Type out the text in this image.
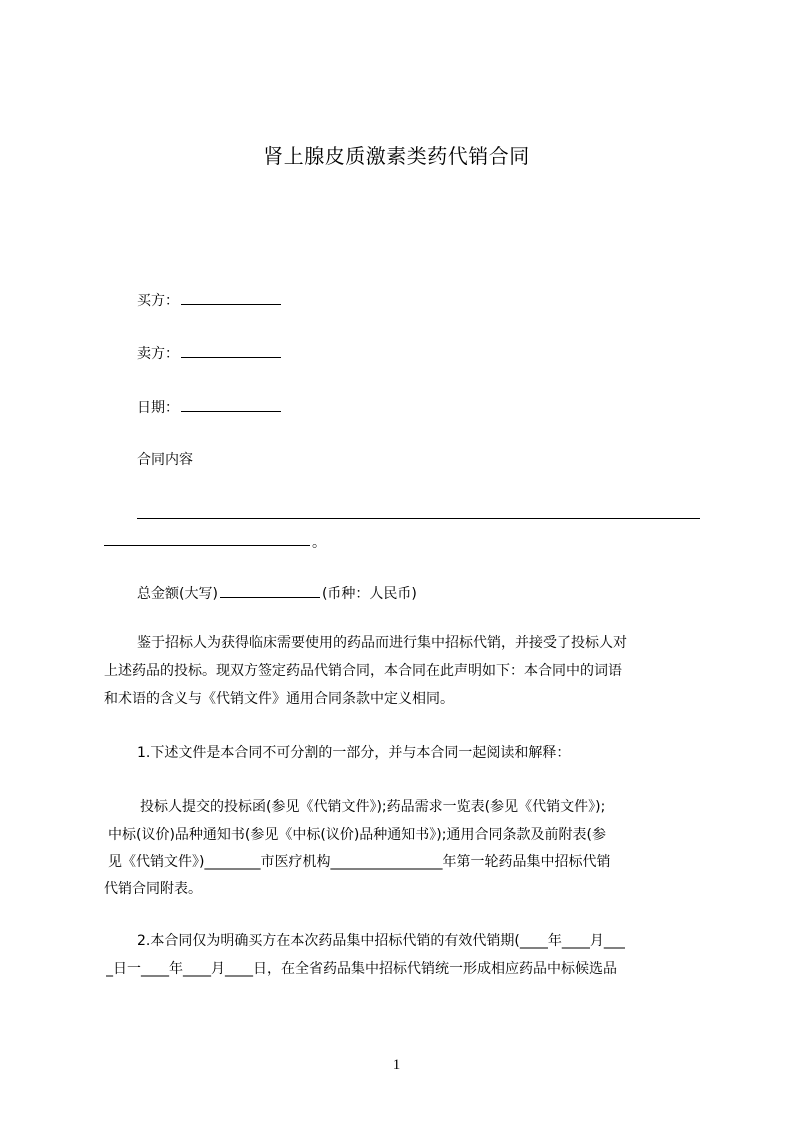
肾上腺皮质激素类药代销合同
买方：
卖方：
日期：
合同内容
。
总金额(大写)	(币种：人民币)
鉴于招标人为获得临床需要使用的药品而进行集中招标代销，并接受了投标人对
上述药品的投标。现双方签定药品代销合同，本合同在此声明如下：本合同中的词语
和术语的含义与《代销文件》通用合同条款中定义相同。
1.下述文件是本合同不可分割的一部分，并与本合同一起阅读和解释：
投标人提交的投标函(参见《代销文件》);药品需求一览表(参见《代销文件》);
中标(议价)品种通知书(参见《中标(议价)品种通知书》);通用合同条款及前附表(参
见《代销文件》)________市医疗机构________________年第一轮药品集中招标代销
代销合同附表。
2.本合同仅为明确买方在本次药品集中招标代销的有效代销期(____年____月___
_日一____年____月____日，在全省药品集中招标代销统一形成相应药品中标候选品
1
